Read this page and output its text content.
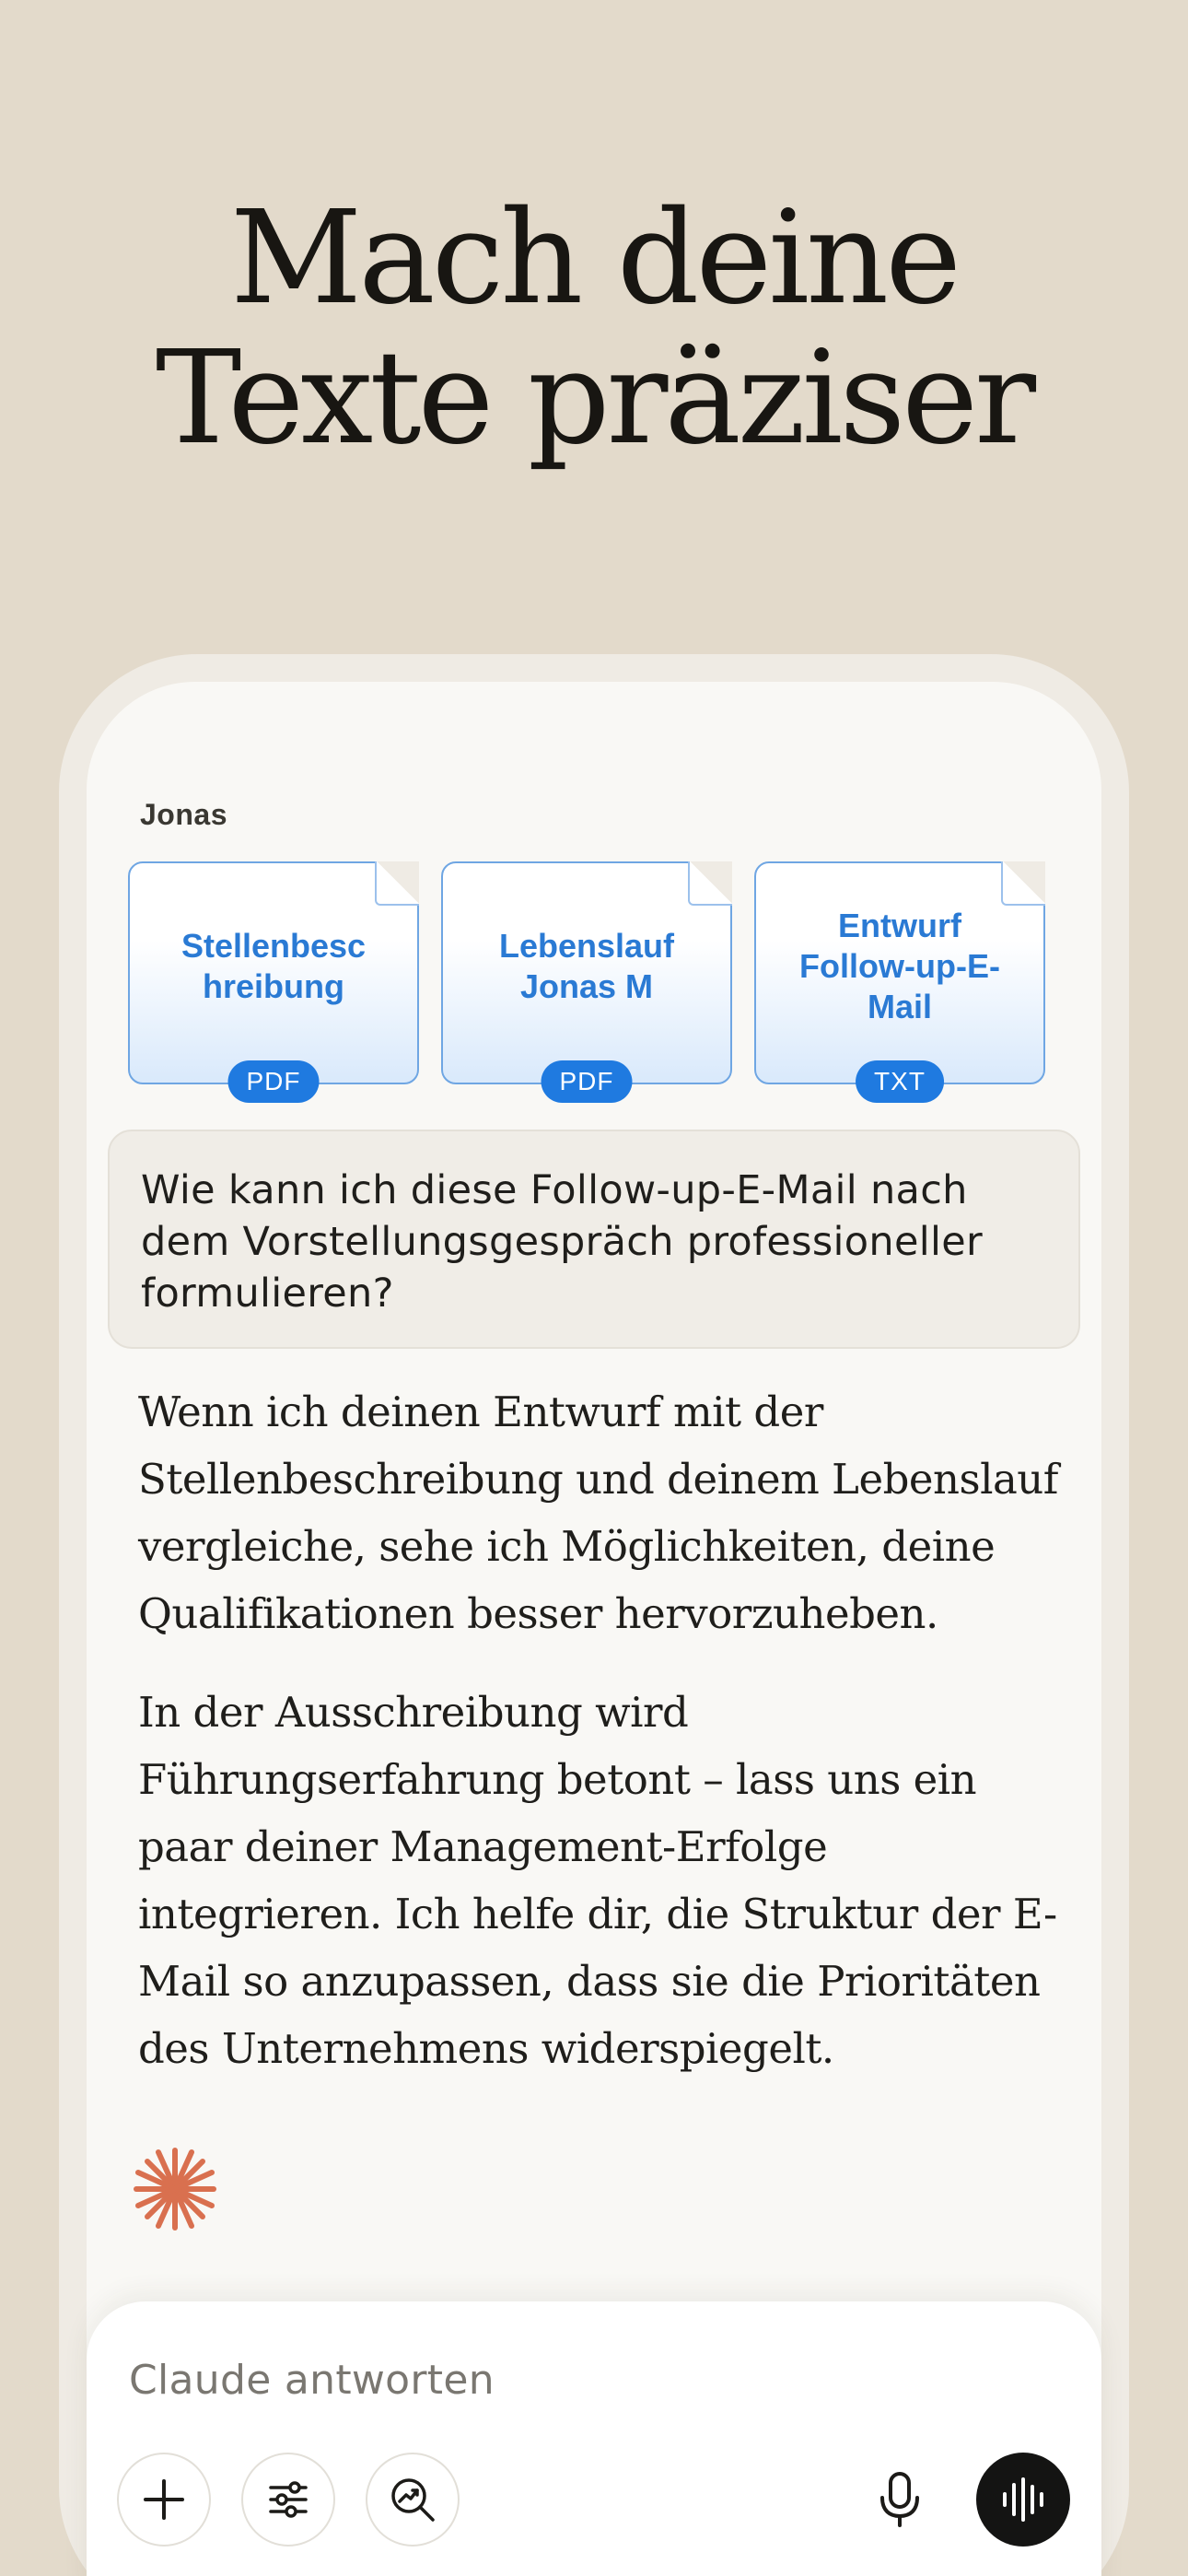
Mach deine
Texte präziser
Jonas
Stellenbesc hreibung
PDF
Lebenslauf Jonas M
PDF
Entwurf Follow-up-E-Mail
TXT
Wie kann ich diese Follow-up-E-Mail nach dem Vorstellungsgespräch professioneller formulieren?

Wenn ich deinen Entwurf mit der Stellenbeschreibung und deinem Lebenslauf vergleiche, sehe ich Möglichkeiten, deine Qualifikationen besser hervorzuheben.

In der Ausschreibung wird Führungserfahrung betont – lass uns ein paar deiner Management-Erfolge integrieren. Ich helfe dir, die Struktur der E-Mail so anzupassen, dass sie die Prioritäten des Unternehmens widerspiegelt.

Claude antworten
